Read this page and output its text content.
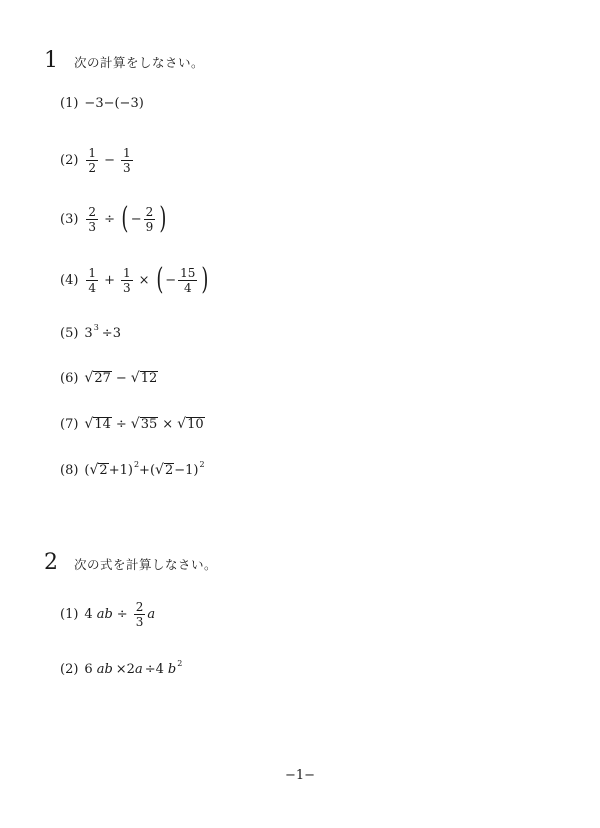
1 次の計算をしなさい。
(1) −3−(−3)
$(2) \frac{1}{2} - \frac{1}{3}$
$(3) \frac{2}{3}$ ÷ ( − $\frac{2}{9}$ )
$(4) \frac{1}{4} + \frac{1}{3}$ × ( − $\frac{15}{4}$ )
(5) 3 3 ÷3
(6) √ 27 − √ 12
(7) √ 14 ÷ √ 35 × √ 10
(8) ( √ 2 +1) 2 +( √ 2 −1) 2
2 次の式を計算しなさい。
(1) 4 ab ÷ $\frac{2}{3}$ a
(2) 6 ab ×2 a ÷4 b 2
−1−
